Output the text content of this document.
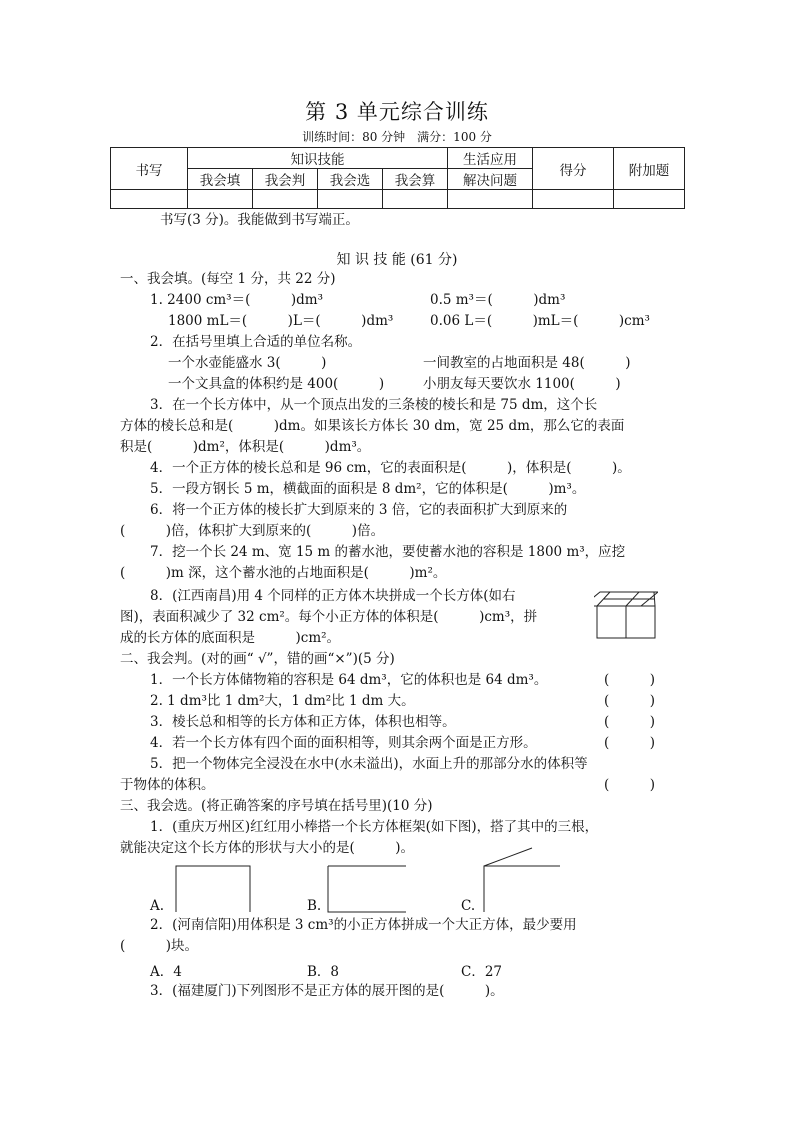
第 3 单元综合训练
训练时间：80 分钟　满分：100 分
书写	知识技能				生活应用	得分	附加题
	我会填	我会判	我会选	我会算	解决问题		

书写(3 分)。我能做到书写端正。
知 识 技 能 (61 分)
一、我会填。(每空 1 分，共 22 分)
1. 2400 cm³＝(　　　)dm³	0.5 m³＝(　　　)dm³
1800 mL＝(　　　)L＝(　　　)dm³	0.06 L＝(　　　)mL＝(　　　)cm³
2．在括号里填上合适的单位名称。
一个水壶能盛水 3(　　　)	一间教室的占地面积是 48(　　　)
一个文具盒的体积约是 400(　　　)	小朋友每天要饮水 1100(　　　)
3．在一个长方体中，从一个顶点出发的三条棱的棱长和是 75 dm，这个长
方体的棱长总和是(　　　)dm。如果该长方体长 30 dm，宽 25 dm，那么它的表面
积是(　　　)dm²，体积是(　　　)dm³。
4．一个正方体的棱长总和是 96 cm，它的表面积是(　　　)，体积是(　　　)。
5．一段方钢长 5 m，横截面的面积是 8 dm²，它的体积是(　　　)m³。
6．将一个正方体的棱长扩大到原来的 3 倍，它的表面积扩大到原来的
(　　　)倍，体积扩大到原来的(　　　)倍。
7．挖一个长 24 m、宽 15 m 的蓄水池，要使蓄水池的容积是 1800 m³，应挖
(　　　)m 深，这个蓄水池的占地面积是(　　　)m²。
8．(江西南昌)用 4 个同样的正方体木块拼成一个长方体(如右
图)，表面积减少了 32 cm²。每个小正方体的体积是(　　　)cm³，拼
成的长方体的底面积是　　　)cm²。
二、我会判。(对的画“ √”，错的画“×”)(5 分)
1．一个长方体储物箱的容积是 64 dm³，它的体积也是 64 dm³。	(　　　)
2. 1 dm³比 1 dm²大，1 dm²比 1 dm 大。	(　　　)
3．棱长总和相等的长方体和正方体，体积也相等。	(　　　)
4．若一个长方体有四个面的面积相等，则其余两个面是正方形。	(　　　)
5．把一个物体完全浸没在水中(水未溢出)，水面上升的那部分水的体积等
于物体的体积。	(　　　)
三、我会选。(将正确答案的序号填在括号里)(10 分)
1．(重庆万州区)红红用小棒搭一个长方体框架(如下图)，搭了其中的三根，
就能决定这个长方体的形状与大小的是(　　　)。
A.	B.	C.
2．(河南信阳)用体积是 3 cm³的小正方体拼成一个大正方体，最少要用
(　　　)块。
A．4	B．8	C．27
3．(福建厦门)下列图形不是正方体的展开图的是(　　　)。
